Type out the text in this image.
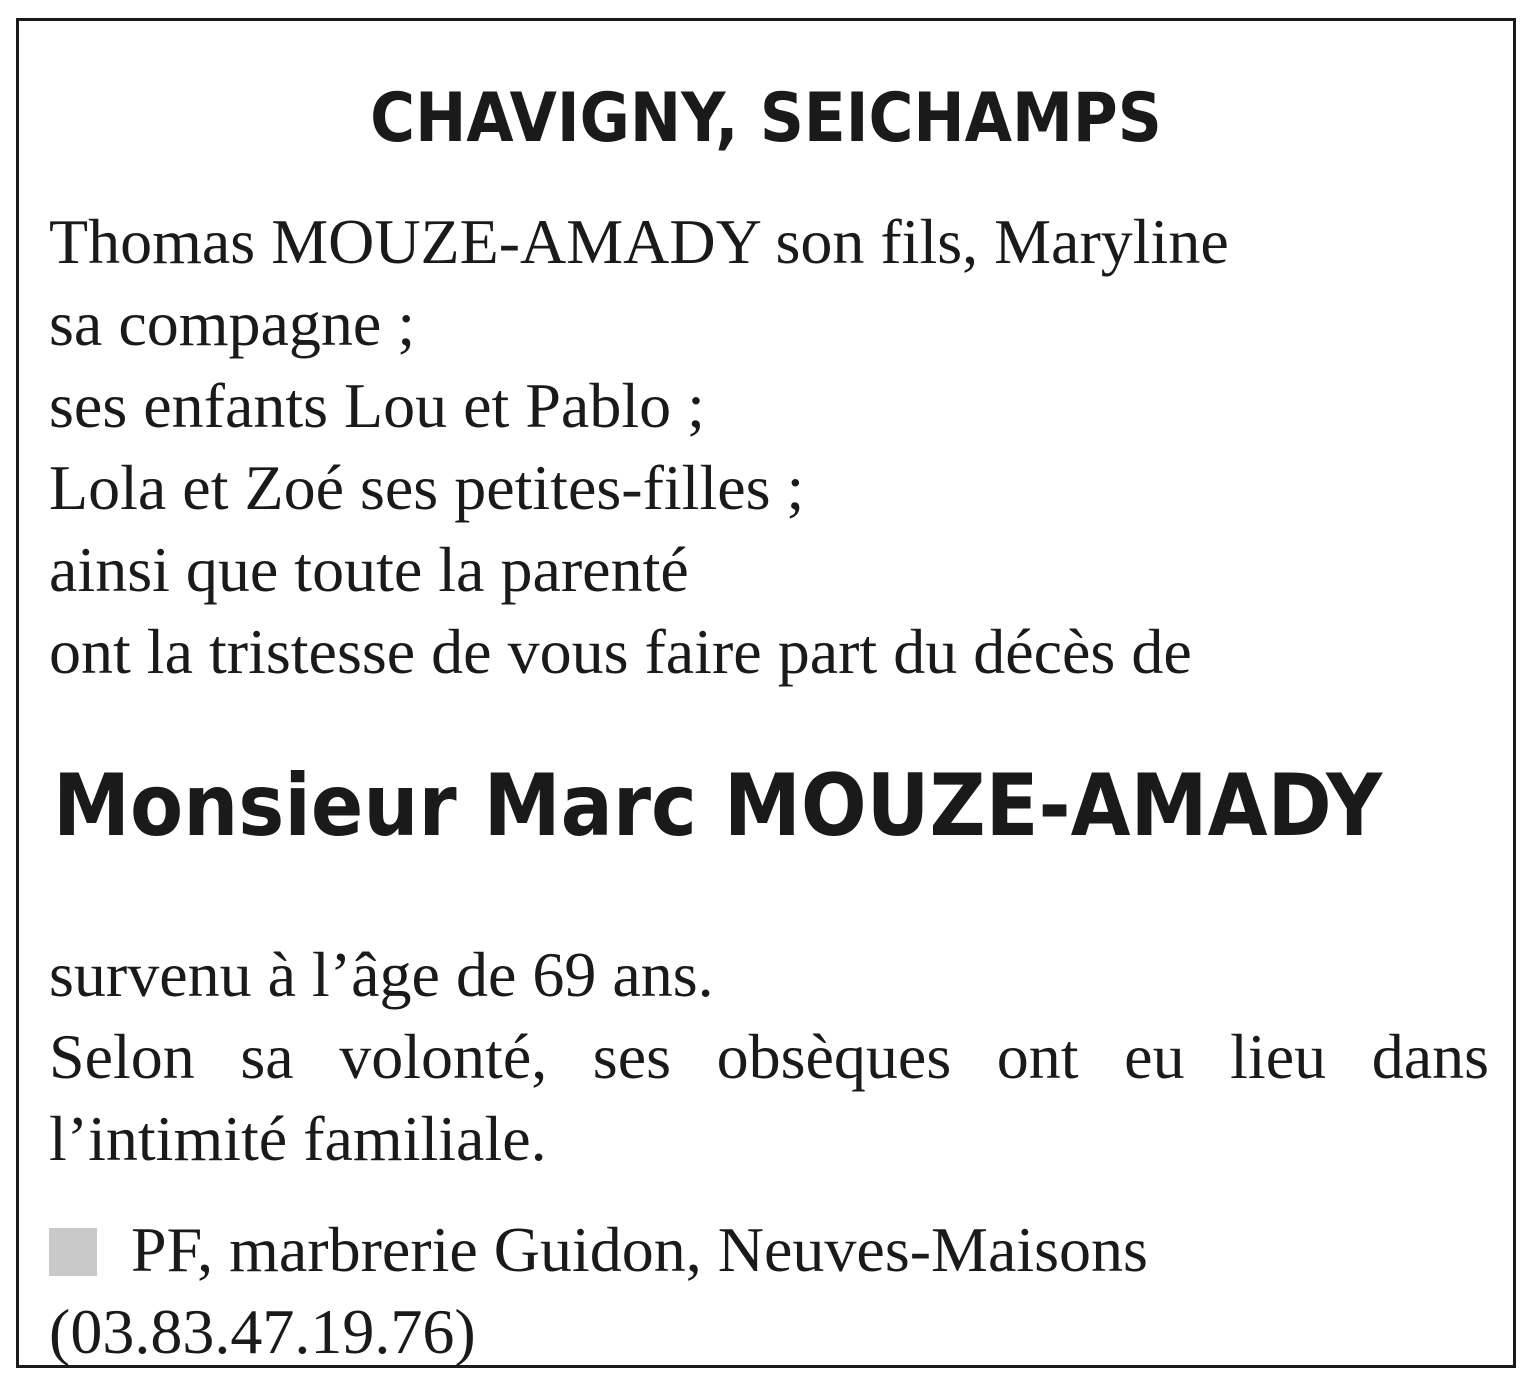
CHAVIGNY, SEICHAMPS
Thomas MOUZE-AMADY son fils, Maryline
sa compagne ;
ses enfants Lou et Pablo ;
Lola et Zoé ses petites-filles ;
ainsi que toute la parenté
ont la tristesse de vous faire part du décès de
Monsieur Marc MOUZE-AMADY
survenu à l’âge de 69 ans.
Selon sa volonté, ses obsèques ont eu lieu dans
l’intimité familiale.
PF, marbrerie Guidon, Neuves-Maisons
(03.83.47.19.76)
